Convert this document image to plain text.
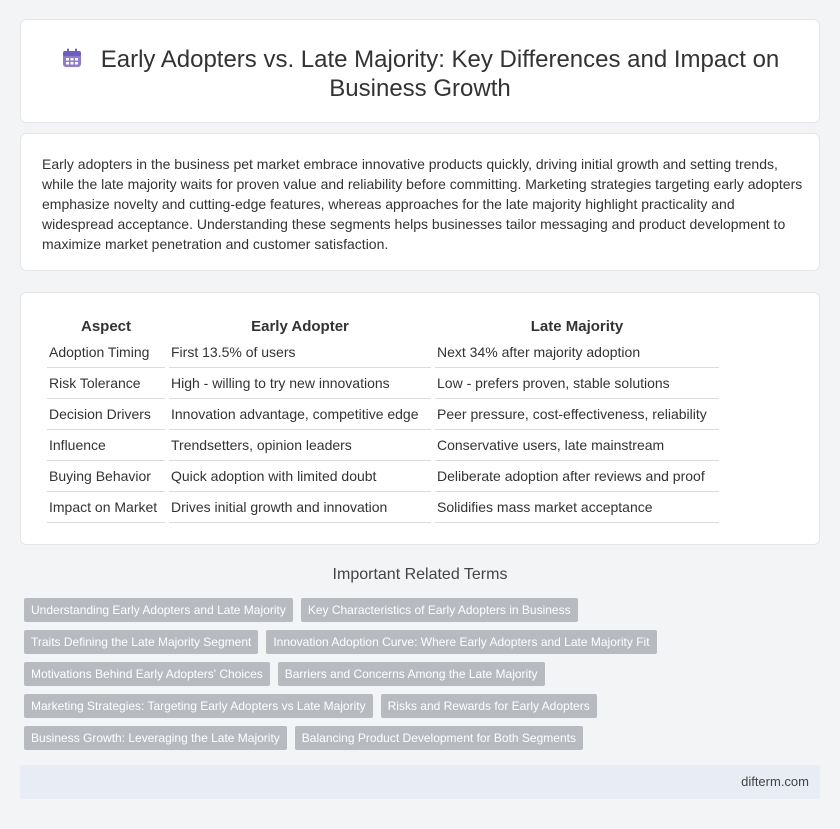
Early Adopters vs. Late Majority: Key Differences and Impact on Business Growth

Early adopters in the business pet market embrace innovative products quickly, driving initial growth and setting trends, while the late majority waits for proven value and reliability before committing. Marketing strategies targeting early adopters emphasize novelty and cutting-edge features, whereas approaches for the late majority highlight practicality and widespread acceptance. Understanding these segments helps businesses tailor messaging and product development to maximize market penetration and customer satisfaction.

Aspect	Early Adopter	Late Majority
Adoption Timing	First 13.5% of users	Next 34% after majority adoption
Risk Tolerance	High - willing to try new innovations	Low - prefers proven, stable solutions
Decision Drivers	Innovation advantage, competitive edge	Peer pressure, cost-effectiveness, reliability
Influence	Trendsetters, opinion leaders	Conservative users, late mainstream
Buying Behavior	Quick adoption with limited doubt	Deliberate adoption after reviews and proof
Impact on Market	Drives initial growth and innovation	Solidifies mass market acceptance
Important Related Terms
Understanding Early Adopters and Late Majority Key Characteristics of Early Adopters in Business
Traits Defining the Late Majority Segment Innovation Adoption Curve: Where Early Adopters and Late Majority Fit
Motivations Behind Early Adopters' Choices Barriers and Concerns Among the Late Majority
Marketing Strategies: Targeting Early Adopters vs Late Majority Risks and Rewards for Early Adopters
Business Growth: Leveraging the Late Majority Balancing Product Development for Both Segments
difterm.com
